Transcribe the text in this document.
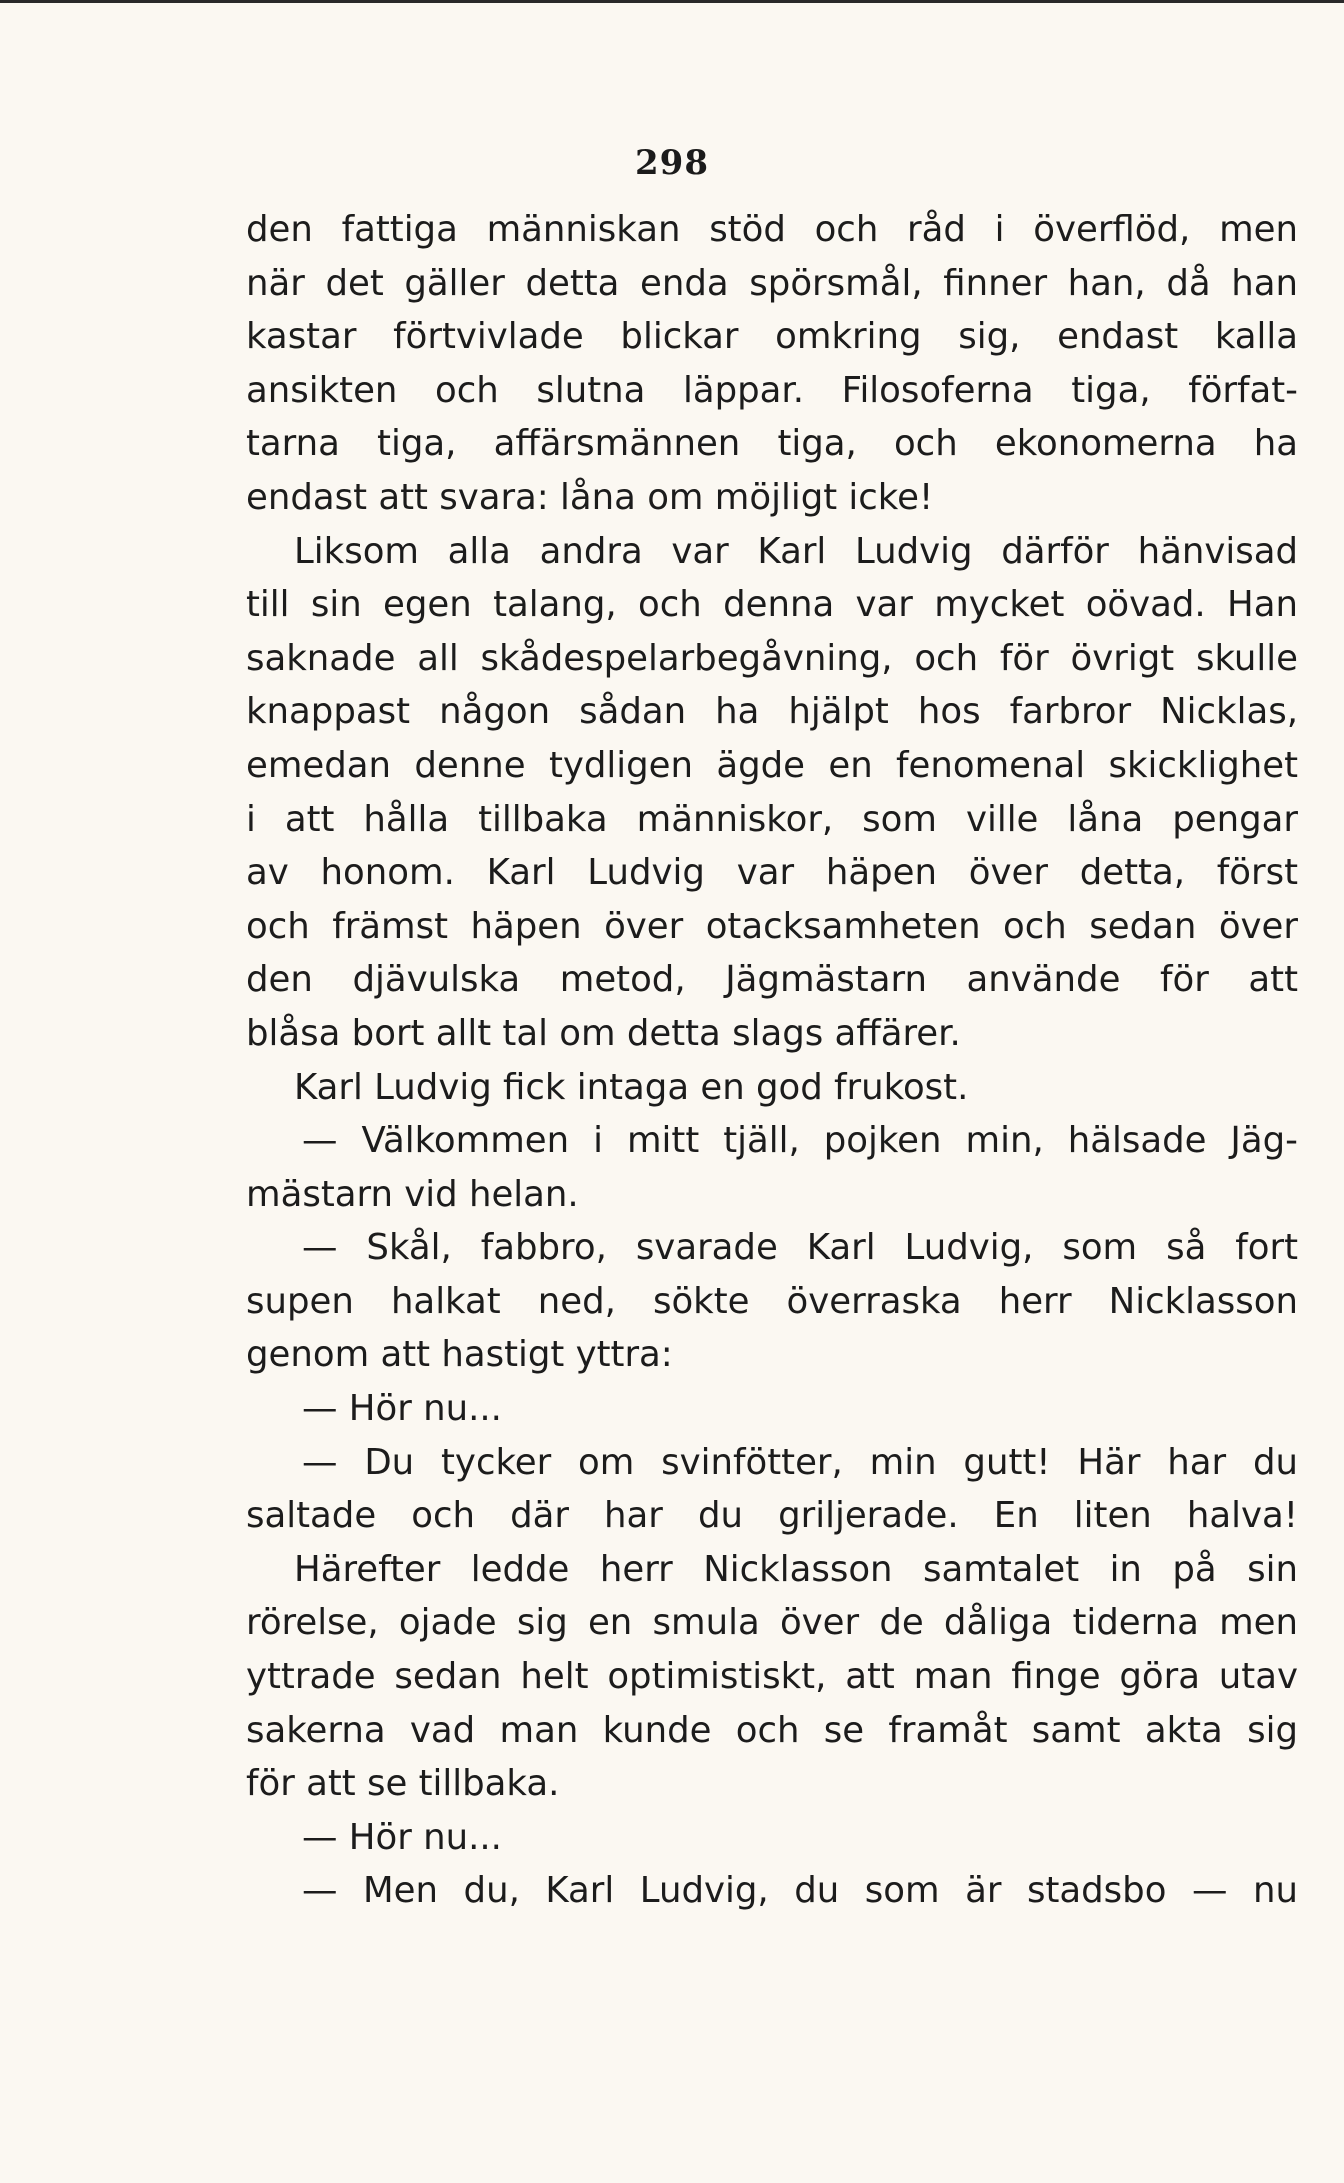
298
den fattiga människan stöd och råd i överflöd, men
när det gäller detta enda spörsmål, finner han, då han
kastar förtvivlade blickar omkring sig, endast kalla
ansikten och slutna läppar. Filosoferna tiga, förfat-
tarna tiga, affärsmännen tiga, och ekonomerna ha
endast att svara: låna om möjligt icke!
Liksom alla andra var Karl Ludvig därför hänvisad
till sin egen talang, och denna var mycket oövad. Han
saknade all skådespelarbegåvning, och för övrigt skulle
knappast någon sådan ha hjälpt hos farbror Nicklas,
emedan denne tydligen ägde en fenomenal skicklighet
i att hålla tillbaka människor, som ville låna pengar
av honom. Karl Ludvig var häpen över detta, först
och främst häpen över otacksamheten och sedan över
den djävulska metod, Jägmästarn använde för att
blåsa bort allt tal om detta slags affärer.
Karl Ludvig fick intaga en god frukost.
— Välkommen i mitt tjäll, pojken min, hälsade Jäg-
mästarn vid helan.
— Skål, fabbro, svarade Karl Ludvig, som så fort
supen halkat ned, sökte överraska herr Nicklasson
genom att hastigt yttra:
— Hör nu...
— Du tycker om svinfötter, min gutt! Här har du
saltade och där har du griljerade. En liten halva!
Härefter ledde herr Nicklasson samtalet in på sin
rörelse, ojade sig en smula över de dåliga tiderna men
yttrade sedan helt optimistiskt, att man finge göra utav
sakerna vad man kunde och se framåt samt akta sig
för att se tillbaka.
— Hör nu...
— Men du, Karl Ludvig, du som är stadsbo — nu
